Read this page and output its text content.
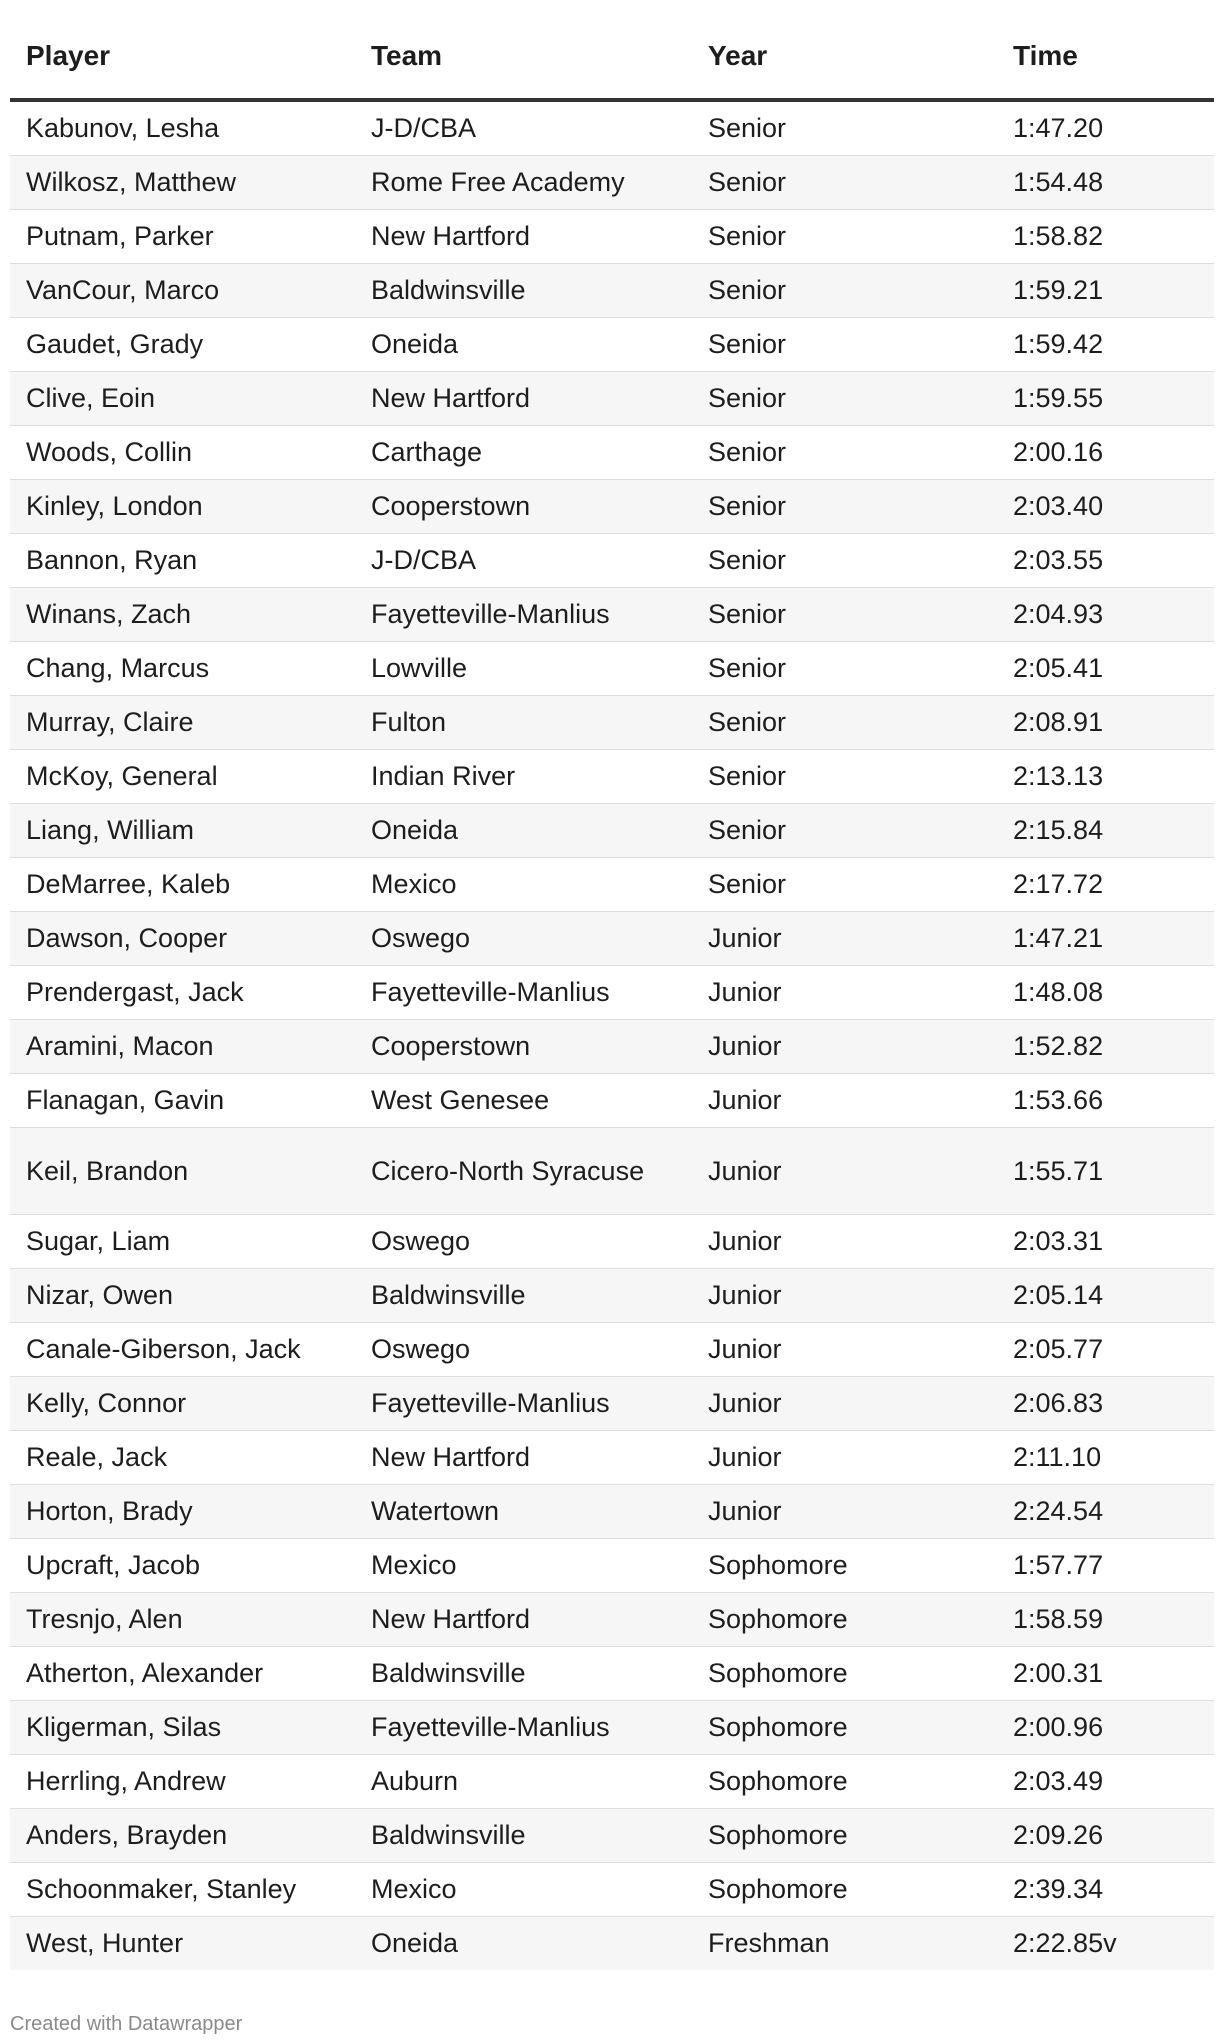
Player	Team	Year	Time
Kabunov, Lesha	J-D/CBA	Senior	1:47.20
Wilkosz, Matthew	Rome Free Academy	Senior	1:54.48
Putnam, Parker	New Hartford	Senior	1:58.82
VanCour, Marco	Baldwinsville	Senior	1:59.21
Gaudet, Grady	Oneida	Senior	1:59.42
Clive, Eoin	New Hartford	Senior	1:59.55
Woods, Collin	Carthage	Senior	2:00.16
Kinley, London	Cooperstown	Senior	2:03.40
Bannon, Ryan	J-D/CBA	Senior	2:03.55
Winans, Zach	Fayetteville-Manlius	Senior	2:04.93
Chang, Marcus	Lowville	Senior	2:05.41
Murray, Claire	Fulton	Senior	2:08.91
McKoy, General	Indian River	Senior	2:13.13
Liang, William	Oneida	Senior	2:15.84
DeMarree, Kaleb	Mexico	Senior	2:17.72
Dawson, Cooper	Oswego	Junior	1:47.21
Prendergast, Jack	Fayetteville-Manlius	Junior	1:48.08
Aramini, Macon	Cooperstown	Junior	1:52.82
Flanagan, Gavin	West Genesee	Junior	1:53.66
Keil, Brandon	Cicero-North Syracuse	Junior	1:55.71
Sugar, Liam	Oswego	Junior	2:03.31
Nizar, Owen	Baldwinsville	Junior	2:05.14
Canale-Giberson, Jack	Oswego	Junior	2:05.77
Kelly, Connor	Fayetteville-Manlius	Junior	2:06.83
Reale, Jack	New Hartford	Junior	2:11.10
Horton, Brady	Watertown	Junior	2:24.54
Upcraft, Jacob	Mexico	Sophomore	1:57.77
Tresnjo, Alen	New Hartford	Sophomore	1:58.59
Atherton, Alexander	Baldwinsville	Sophomore	2:00.31
Kligerman, Silas	Fayetteville-Manlius	Sophomore	2:00.96
Herrling, Andrew	Auburn	Sophomore	2:03.49
Anders, Brayden	Baldwinsville	Sophomore	2:09.26
Schoonmaker, Stanley	Mexico	Sophomore	2:39.34
West, Hunter	Oneida	Freshman	2:22.85v
Created with Datawrapper
